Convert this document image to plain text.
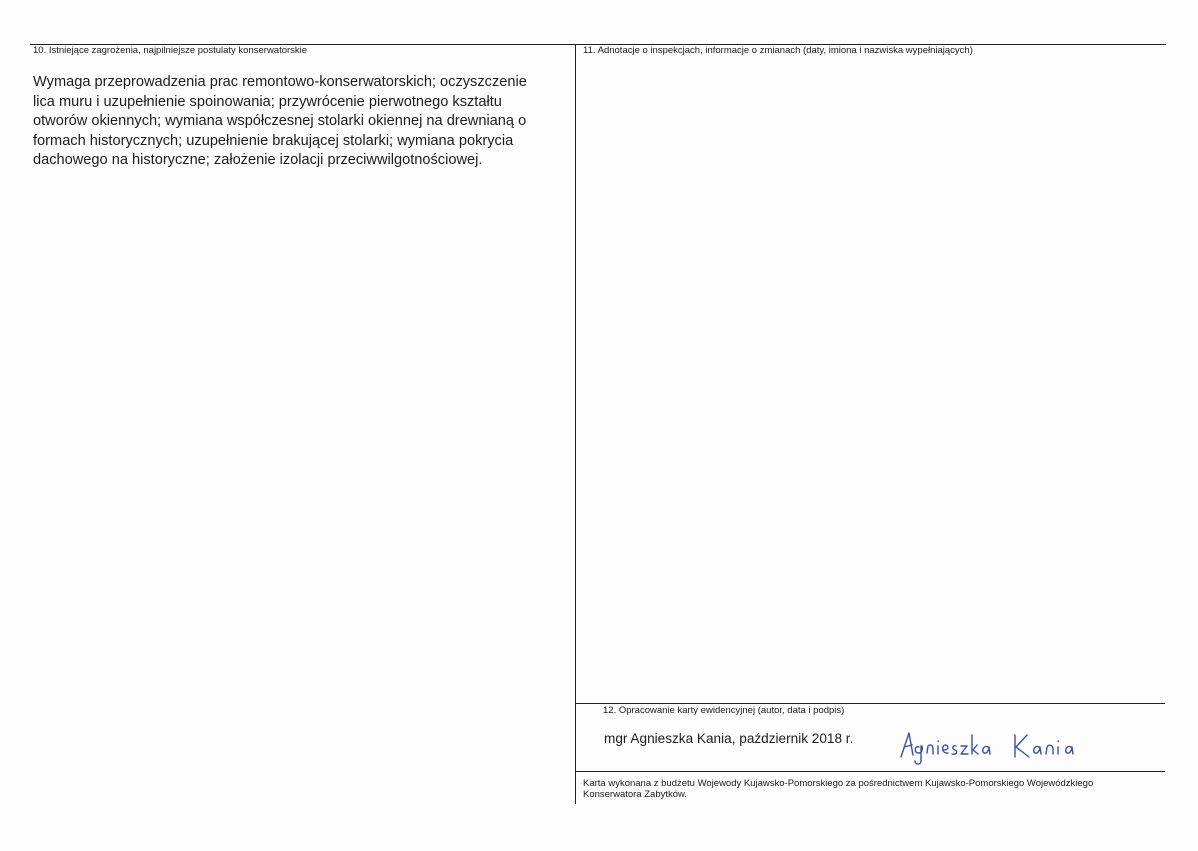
10. Istniejące zagrożenia, najpilniejsze postulaty konserwatorskie
Wymaga przeprowadzenia prac remontowo-konserwatorskich; oczyszczenie lica muru i uzupełnienie spoinowania; przywrócenie pierwotnego kształtu otworów okiennych; wymiana współczesnej stolarki okiennej na drewnianą o formach historycznych; uzupełnienie brakującej stolarki; wymiana pokrycia dachowego na historyczne; założenie izolacji przeciwwilgotnościowej.
11. Adnotacje o inspekcjach, informacje o zmianach (daty, imiona i nazwiska wypełniających)
12. Opracowanie karty ewidencyjnej (autor, data i podpis)
mgr Agnieszka Kania, październik 2018 r.
Karta wykonana z budżetu Wojewody Kujawsko-Pomorskiego za pośrednictwem Kujawsko-Pomorskiego Wojewódzkiego Konserwatora Zabytków.
